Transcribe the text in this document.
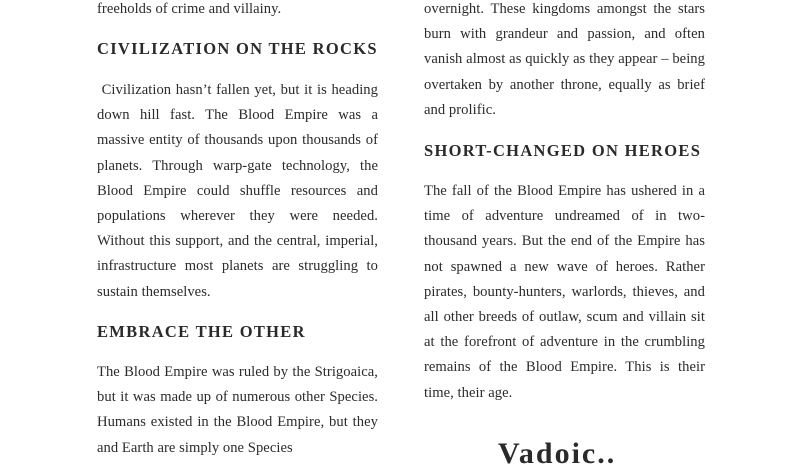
freeholds of crime and villainy.

CIVILIZATION ON THE ROCKS

Civilization hasn’t fallen yet, but it is heading down hill fast. The Blood Empire was a massive entity of thousands upon thousands of planets. Through warp-gate technology, the Blood Empire could shuffle resources and populations wherever they were needed. Without this support, and the central, imperial, infrastructure most planets are struggling to sustain themselves.

EMBRACE THE OTHER

The Blood Empire was ruled by the Strigoaica, but it was made up of numerous other Species. Humans existed in the Blood Empire, but they and Earth are simply one Species

overnight. These kingdoms amongst the stars burn with grandeur and passion, and often vanish almost as quickly as they appear – being overtaken by another throne, equally as brief and prolific.

SHORT-CHANGED ON HEROES

The fall of the Blood Empire has ushered in a time of adventure undreamed of in two-thousand years. But the end of the Empire has not spawned a new wave of heroes. Rather pirates, bounty-hunters, warlords, thieves, and all other breeds of outlaw, scum and villain sit at the forefront of adventure in the crumbling remains of the Blood Empire. This is their time, their age.

Vadoic..
